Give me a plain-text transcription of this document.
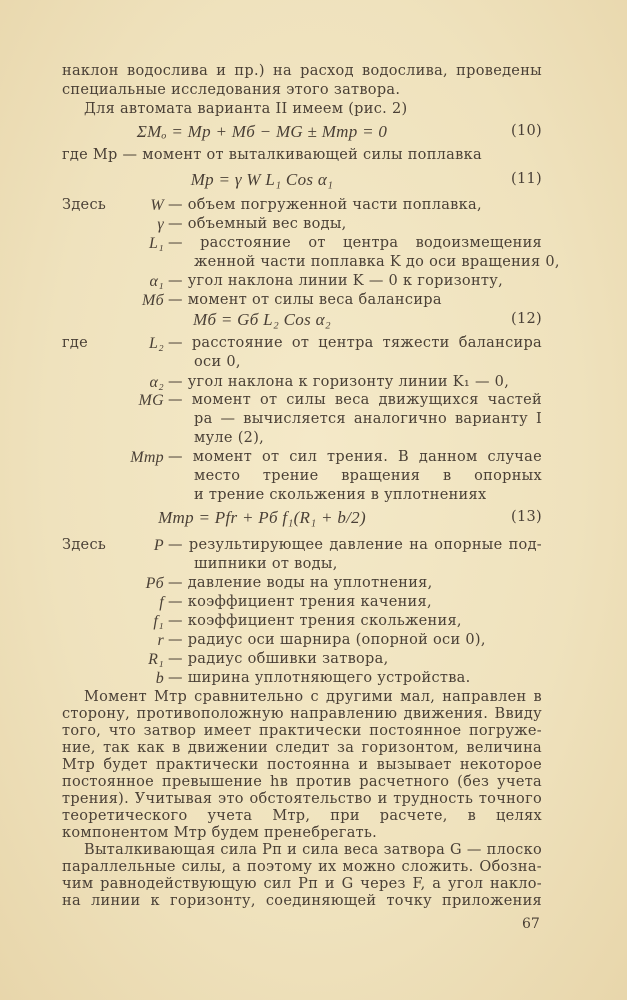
наклон водослива и пр.) на расход водослива, проведены
специальные исследования этого затвора.
Для автомата варианта II имеем (рис. 2)
ΣMₒ = Mр + Mб − MG ± Mтр = 0	(10)
где Mр — момент от выталкивающей силы поплавка
Mр = γ W L₁ Cos α₁	(11)
Здесь	W — объем погруженной части поплавка,
γ — объемный вес воды,
L₁ — расстояние от центра водоизмещения
женной части поплавка K до оси вращения 0,
α₁ — угол наклона линии K — 0 к горизонту,
Mб — момент от силы веса балансира
Mб = Gб L₂ Cos α₂	(12)
где	L₂ — расстояние от центра тяжести балансира
оси 0,
α₂ — угол наклона к горизонту линии K₁ — 0,
MG — момент от силы веса движущихся частей
ра — вычисляется аналогично варианту I
муле (2),
Mтр — момент от сил трения. В данном случае
место трение вращения в опорных
и трение скольжения в уплотнениях
Mтр = Pfr + Pб f₁(R₁ + b/2)	(13)
Здесь	P — результирующее давление на опорные под-
шипники от воды,
Pб — давление воды на уплотнения,
f — коэффициент трения качения,
f₁ — коэффициент трения скольжения,
r — радиус оси шарнира (опорной оси 0),
R₁ — радиус обшивки затвора,
b — ширина уплотняющего устройства.
Момент Mтр сравнительно с другими мал, направлен в
сторону, противоположную направлению движения. Ввиду
того, что затвор имеет практически постоянное погруже-
ние, так как в движении следит за горизонтом, величина
Mтр будет практически постоянна и вызывает некоторое
постоянное превышение hв против расчетного (без учета
трения). Учитывая это обстоятельство и трудность точного
теоретического учета Mтр, при расчете, в целях
компонентом Mтр будем пренебрегать.
Выталкивающая сила Pп и сила веса затвора G — плоско
параллельные силы, а поэтому их можно сложить. Обозна-
чим равнодействующую сил Pп и G через F, а угол накло-
на линии к горизонту, соединяющей точку приложения
67
